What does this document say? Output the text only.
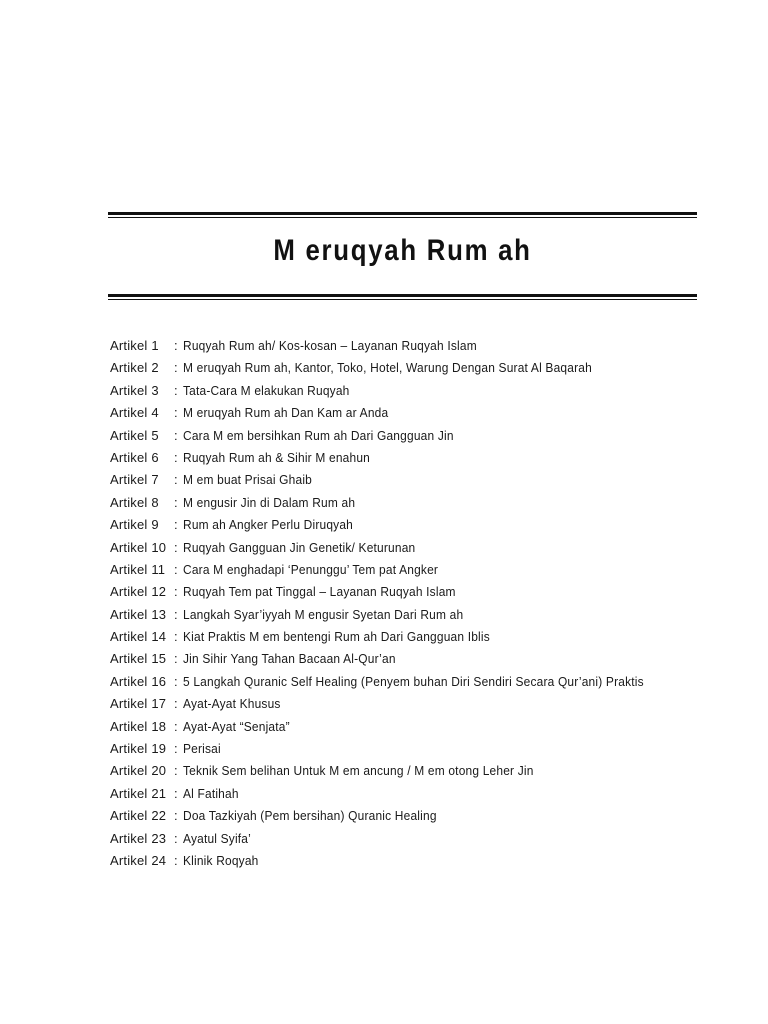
M eruqyah Rum ah
Artikel 1	: Ruqyah Rum ah/ Kos-kosan – Layanan Ruqyah Islam
Artikel 2	: M eruqyah Rum ah, Kantor, Toko, Hotel, Warung Dengan Surat Al Baqarah
Artikel 3	: Tata-Cara M elakukan Ruqyah
Artikel 4	: M eruqyah Rum ah Dan Kam ar Anda
Artikel 5	: Cara M em bersihkan Rum ah Dari Gangguan Jin
Artikel 6	: Ruqyah Rum ah & Sihir M enahun
Artikel 7	: M em buat Prisai Ghaib
Artikel 8	: M engusir Jin di Dalam Rum ah
Artikel 9	: Rum ah Angker Perlu Diruqyah
Artikel 10 : Ruqyah Gangguan Jin Genetik/ Keturunan
Artikel 11 : Cara M enghadapi ‘Penunggu’ Tem pat Angker
Artikel 12 : Ruqyah Tem pat Tinggal – Layanan Ruqyah Islam
Artikel 13 : Langkah Syar’iyyah M engusir Syetan Dari Rum ah
Artikel 14 : Kiat Praktis M em bentengi Rum ah Dari Gangguan Iblis
Artikel 15 : Jin Sihir Yang Tahan Bacaan Al-Qur’an
Artikel 16 : 5 Langkah Quranic Self Healing (Penyem buhan Diri Sendiri Secara Qur’ani) Praktis
Artikel 17 : Ayat-Ayat Khusus
Artikel 18 : Ayat-Ayat “Senjata”
Artikel 19 : Perisai
Artikel 20 : Teknik Sem belihan Untuk M em ancung / M em otong Leher Jin
Artikel 21 : Al Fatihah
Artikel 22 : Doa Tazkiyah (Pem bersihan) Quranic Healing
Artikel 23 : Ayatul Syifa’
Artikel 24 : Klinik Roqyah
